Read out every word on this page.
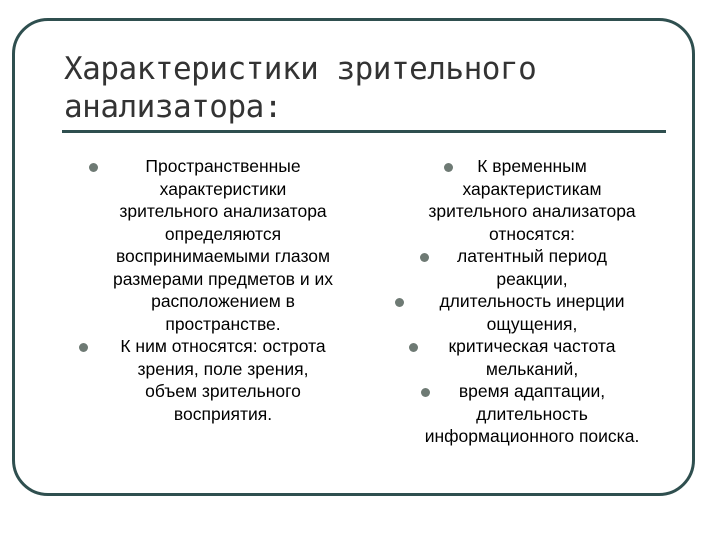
Характеристики зрительного
анализатора:
Пространственные
характеристики
зрительного анализатора
определяются
воспринимаемыми глазом
размерами предметов и их
расположением в
пространстве.
К ним относятся: острота
зрения, поле зрения,
объем зрительного
восприятия.
К временным
характеристикам
зрительного анализатора
относятся:
латентный период
реакции,
длительность инерции
ощущения,
критическая частота
мельканий,
время адаптации,
длительность
информационного поиска.
